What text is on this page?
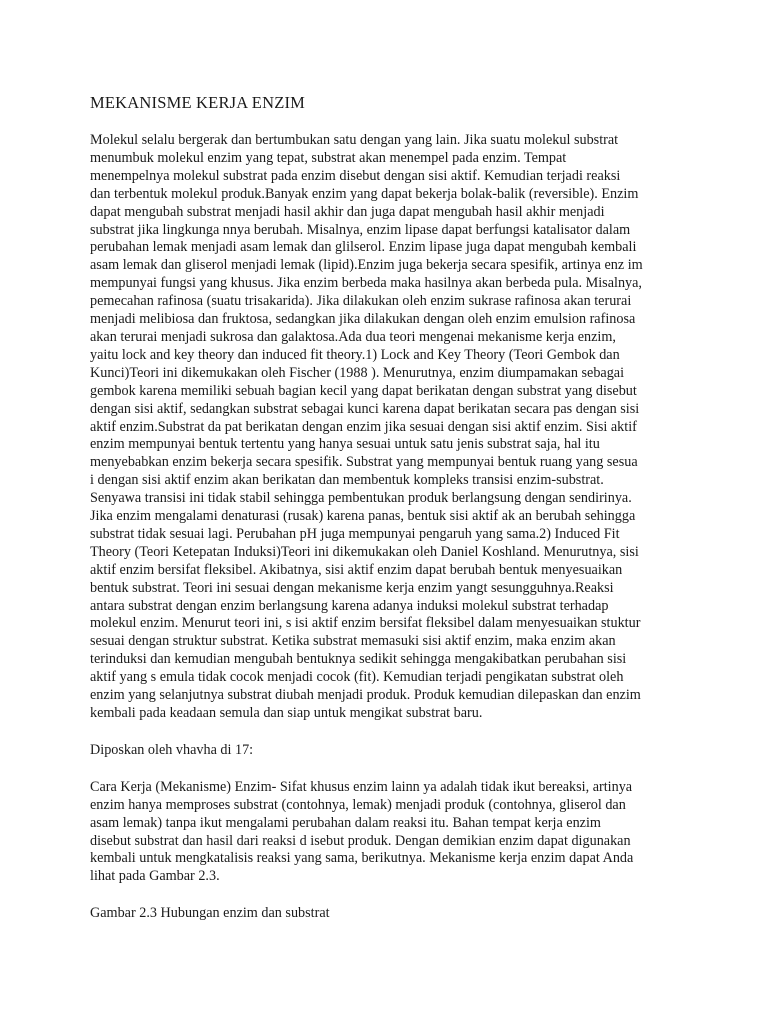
MEKANISME KERJA ENZIM
Molekul selalu bergerak dan bertumbukan satu dengan yang lain. Jika suatu molekul substrat
menumbuk molekul enzim yang tepat, substrat akan menempel pada enzim. Tempat
menempelnya molekul substrat pada enzim disebut dengan sisi aktif. Kemudian terjadi reaksi
dan terbentuk molekul produk.Banyak enzim yang dapat bekerja bolak-balik (reversible). Enzim
dapat mengubah substrat menjadi hasil akhir dan juga dapat mengubah hasil akhir menjadi
substrat jika lingkunga nnya berubah. Misalnya, enzim lipase dapat berfungsi katalisator dalam
perubahan lemak menjadi asam lemak dan glilserol. Enzim lipase juga dapat mengubah kembali
asam lemak dan gliserol menjadi lemak (lipid).Enzim juga bekerja secara spesifik, artinya enz im
mempunyai fungsi yang khusus. Jika enzim berbeda maka hasilnya akan berbeda pula. Misalnya,
pemecahan rafinosa (suatu trisakarida). Jika dilakukan oleh enzim sukrase rafinosa akan terurai
menjadi melibiosa dan fruktosa, sedangkan jika dilakukan dengan oleh enzim emulsion rafinosa
akan terurai menjadi sukrosa dan galaktosa.Ada dua teori mengenai mekanisme kerja enzim,
yaitu lock and key theory dan induced fit theory.1) Lock and Key Theory (Teori Gembok dan
Kunci)Teori ini dikemukakan oleh Fischer (1988 ). Menurutnya, enzim diumpamakan sebagai
gembok karena memiliki sebuah bagian kecil yang dapat berikatan dengan substrat yang disebut
dengan sisi aktif, sedangkan substrat sebagai kunci karena dapat berikatan secara pas dengan sisi
aktif enzim.Substrat da pat berikatan dengan enzim jika sesuai dengan sisi aktif enzim. Sisi aktif
enzim mempunyai bentuk tertentu yang hanya sesuai untuk satu jenis substrat saja, hal itu
menyebabkan enzim bekerja secara spesifik. Substrat yang mempunyai bentuk ruang yang sesua
i dengan sisi aktif enzim akan berikatan dan membentuk kompleks transisi enzim-substrat.
Senyawa transisi ini tidak stabil sehingga pembentukan produk berlangsung dengan sendirinya.
Jika enzim mengalami denaturasi (rusak) karena panas, bentuk sisi aktif ak an berubah sehingga
substrat tidak sesuai lagi. Perubahan pH juga mempunyai pengaruh yang sama.2) Induced Fit
Theory (Teori Ketepatan Induksi)Teori ini dikemukakan oleh Daniel Koshland. Menurutnya, sisi
aktif enzim bersifat fleksibel. Akibatnya, sisi aktif enzim dapat berubah bentuk menyesuaikan
bentuk substrat. Teori ini sesuai dengan mekanisme kerja enzim yangt sesungguhnya.Reaksi
antara substrat dengan enzim berlangsung karena adanya induksi molekul substrat terhadap
molekul enzim. Menurut teori ini, s isi aktif enzim bersifat fleksibel dalam menyesuaikan stuktur
sesuai dengan struktur substrat. Ketika substrat memasuki sisi aktif enzim, maka enzim akan
terinduksi dan kemudian mengubah bentuknya sedikit sehingga mengakibatkan perubahan sisi
aktif yang s emula tidak cocok menjadi cocok (fit). Kemudian terjadi pengikatan substrat oleh
enzim yang selanjutnya substrat diubah menjadi produk. Produk kemudian dilepaskan dan enzim
kembali pada keadaan semula dan siap untuk mengikat substrat baru.
Diposkan oleh vhavha di 17:
Cara Kerja (Mekanisme) Enzim- Sifat khusus enzim lainn ya adalah tidak ikut bereaksi, artinya
enzim hanya memproses substrat (contohnya, lemak) menjadi produk (contohnya, gliserol dan
asam lemak) tanpa ikut mengalami perubahan dalam reaksi itu. Bahan tempat kerja enzim
disebut substrat dan hasil dari reaksi d isebut produk. Dengan demikian enzim dapat digunakan
kembali untuk mengkatalisis reaksi yang sama, berikutnya. Mekanisme kerja enzim dapat Anda
lihat pada Gambar 2.3.
Gambar 2.3 Hubungan enzim dan substrat
